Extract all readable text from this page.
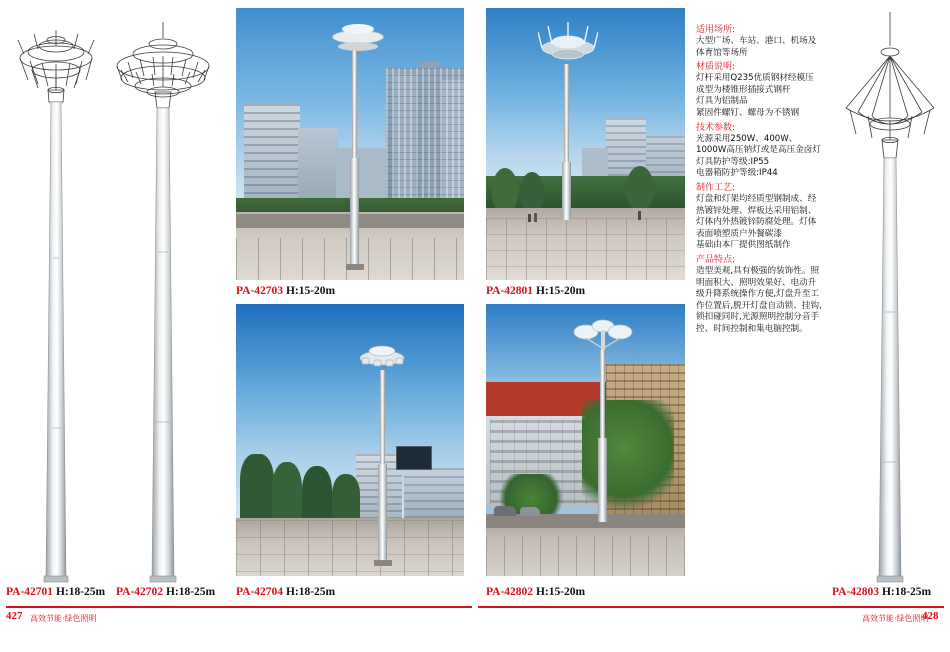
PA-42703 H:15-20m	PA-42801 H:15-20m
适用场所:
大型广场、车站、港口、机场及体育馆等场所
材质说明:
灯杆采用Q235优质钢材经模压成型为楼锥形插接式钢杆
灯具为铝制品
紧固件螺钉、螺母为不锈钢
技术参数:
光源采用250W、400W、1000W高压钠灯或是高压金卤灯
灯具防护等级:IP55
电器箱防护等级:IP44
制作工艺:
灯盘和灯架均经质型钢制成、经热镀锌处理、焊板达采用铝制、灯体内外热镀锌防腐处理。灯体表面喷塑质户外餐碳漆
基础由本厂提供图纸制作
产品特点:
造型美观,具有极强的装饰性。照明面积大、照明效果好、电动升级升降系统操作方便,灯盘升至工作位置后,脱开灯盘自动锁、挂钩,锁扣碰同时,光源照明控制分音手控、时间控制和集电脑控制。
PA-42704 H:18-25m	PA-42802 H:15-20m
PA-42701 H:18-25m PA-42702 H:18-25m	PA-42803 H:18-25m
427 高效节能·绿色照明	高效节能·绿色照明
428
